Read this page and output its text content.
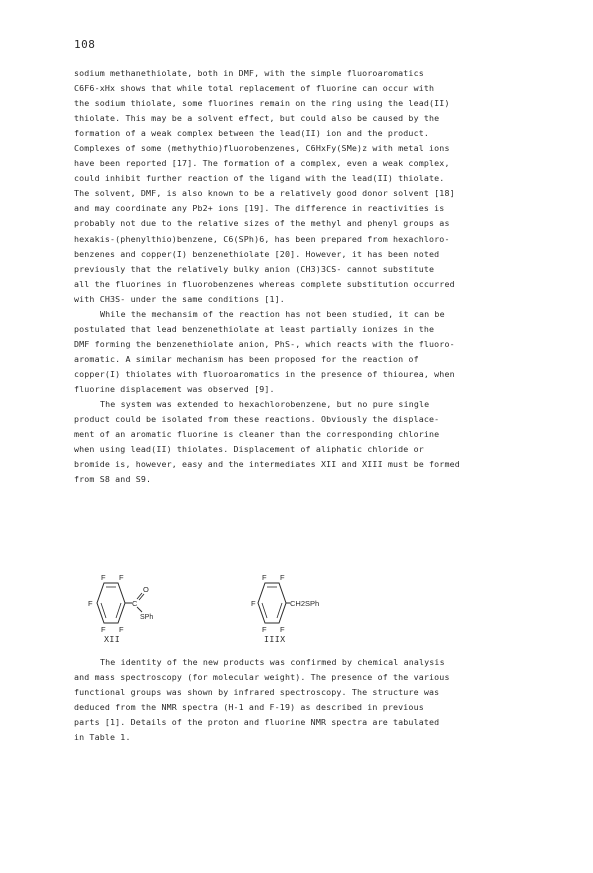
108
sodium methanethiolate, both in DMF, with the simple fluoroaromatics
C6F6-xHx shows that while total replacement of fluorine can occur with
the sodium thiolate, some fluorines remain on the ring using the lead(II)
thiolate. This may be a solvent effect, but could also be caused by the
formation of a weak complex between the lead(II) ion and the product.
Complexes of some (methythio)fluorobenzenes, C6HxFy(SMe)z with metal ions
have been reported [17]. The formation of a complex, even a weak complex,
could inhibit further reaction of the ligand with the lead(II) thiolate.
The solvent, DMF, is also known to be a relatively good donor solvent [18]
and may coordinate any Pb2+ ions [19]. The difference in reactivities is
probably not due to the relative sizes of the methyl and phenyl groups as
hexakis-(phenylthio)benzene, C6(SPh)6, has been prepared from hexachloro-
benzenes and copper(I) benzenethiolate [20]. However, it has been noted
previously that the relatively bulky anion (CH3)3CS- cannot substitute
all the fluorines in fluorobenzenes whereas complete substitution occurred
with CH3S- under the same conditions [1].
While the mechansim of the reaction has not been studied, it can be
postulated that lead benzenethiolate at least partially ionizes in the
DMF forming the benzenethiolate anion, PhS-, which reacts with the fluoro-
aromatic. A similar mechanism has been proposed for the reaction of
copper(I) thiolates with fluoroaromatics in the presence of thiourea, when
fluorine displacement was observed [9].
The system was extended to hexachlorobenzene, but no pure single
product could be isolated from these reactions. Obviously the displace-
ment of an aromatic fluorine is cleaner than the corresponding chlorine
when using lead(II) thiolates. Displacement of aliphatic chloride or
bromide is, however, easy and the intermediates XII and XIII must be formed
from S8 and S9.
F F
F
F F
C
O
SPh
XII
F F
F
F F
CH2SPh
IIIX
The identity of the new products was confirmed by chemical analysis
and mass spectroscopy (for molecular weight). The presence of the various
functional groups was shown by infrared spectroscopy. The structure was
deduced from the NMR spectra (H-1 and F-19) as described in previous
parts [1]. Details of the proton and fluorine NMR spectra are tabulated
in Table 1.
